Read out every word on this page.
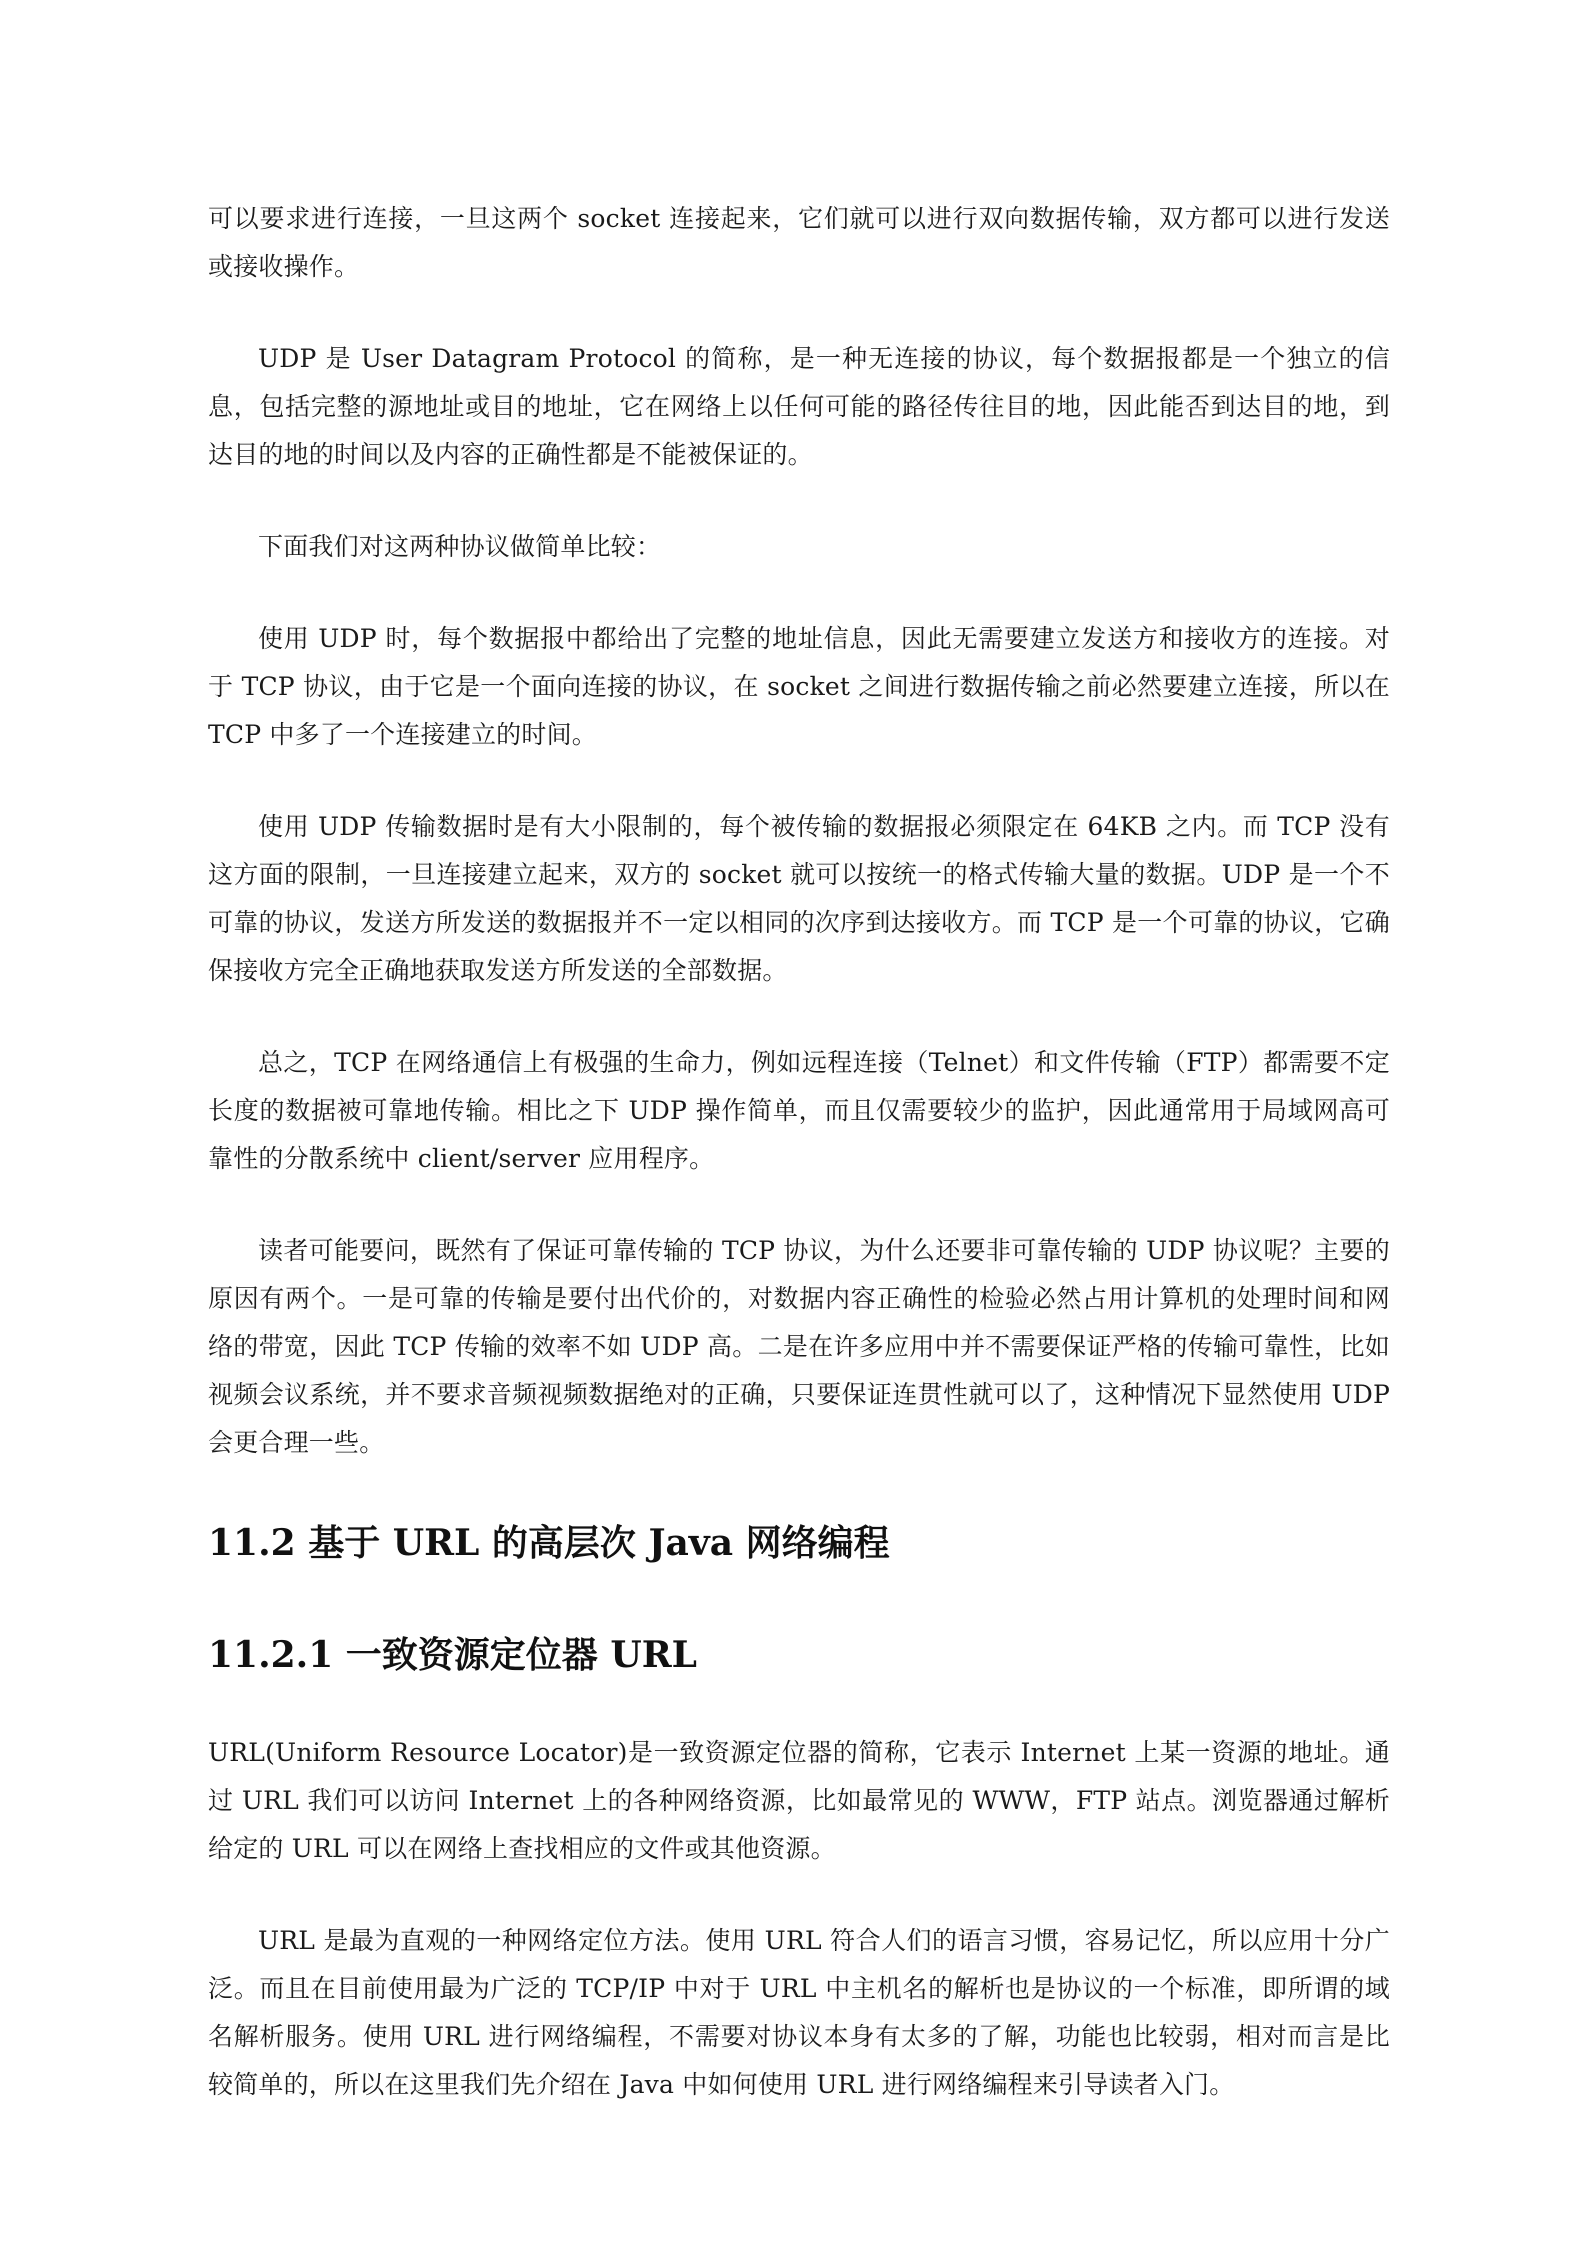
可以要求进行连接，一旦这两个 socket 连接起来，它们就可以进行双向数据传输，双方都可以进行发送或接收操作。

UDP 是 User Datagram Protocol 的简称，是一种无连接的协议，每个数据报都是一个独立的信息，包括完整的源地址或目的地址，它在网络上以任何可能的路径传往目的地，因此能否到达目的地，到达目的地的时间以及内容的正确性都是不能被保证的。

下面我们对这两种协议做简单比较：

使用 UDP 时，每个数据报中都给出了完整的地址信息，因此无需要建立发送方和接收方的连接。对于 TCP 协议，由于它是一个面向连接的协议，在 socket 之间进行数据传输之前必然要建立连接，所以在 TCP 中多了一个连接建立的时间。

使用 UDP 传输数据时是有大小限制的，每个被传输的数据报必须限定在 64KB 之内。而 TCP 没有这方面的限制，一旦连接建立起来，双方的 socket 就可以按统一的格式传输大量的数据。UDP 是一个不可靠的协议，发送方所发送的数据报并不一定以相同的次序到达接收方。而 TCP 是一个可靠的协议，它确保接收方完全正确地获取发送方所发送的全部数据。

总之，TCP 在网络通信上有极强的生命力，例如远程连接（Telnet）和文件传输（FTP）都需要不定长度的数据被可靠地传输。相比之下 UDP 操作简单，而且仅需要较少的监护，因此通常用于局域网高可靠性的分散系统中 client/server 应用程序。

读者可能要问，既然有了保证可靠传输的 TCP 协议，为什么还要非可靠传输的 UDP 协议呢？主要的原因有两个。一是可靠的传输是要付出代价的，对数据内容正确性的检验必然占用计算机的处理时间和网络的带宽，因此 TCP 传输的效率不如 UDP 高。二是在许多应用中并不需要保证严格的传输可靠性，比如视频会议系统，并不要求音频视频数据绝对的正确，只要保证连贯性就可以了，这种情况下显然使用 UDP 会更合理一些。

11.2 基于 URL 的高层次 Java 网络编程
11.2.1 一致资源定位器 URL

URL(Uniform Resource Locator)是一致资源定位器的简称，它表示 Internet 上某一资源的地址。通过 URL 我们可以访问 Internet 上的各种网络资源，比如最常见的 WWW，FTP 站点。浏览器通过解析给定的 URL 可以在网络上查找相应的文件或其他资源。

URL 是最为直观的一种网络定位方法。使用 URL 符合人们的语言习惯，容易记忆，所以应用十分广泛。而且在目前使用最为广泛的 TCP/IP 中对于 URL 中主机名的解析也是协议的一个标准，即所谓的域名解析服务。使用 URL 进行网络编程，不需要对协议本身有太多的了解，功能也比较弱，相对而言是比较简单的，所以在这里我们先介绍在 Java 中如何使用 URL 进行网络编程来引导读者入门。
